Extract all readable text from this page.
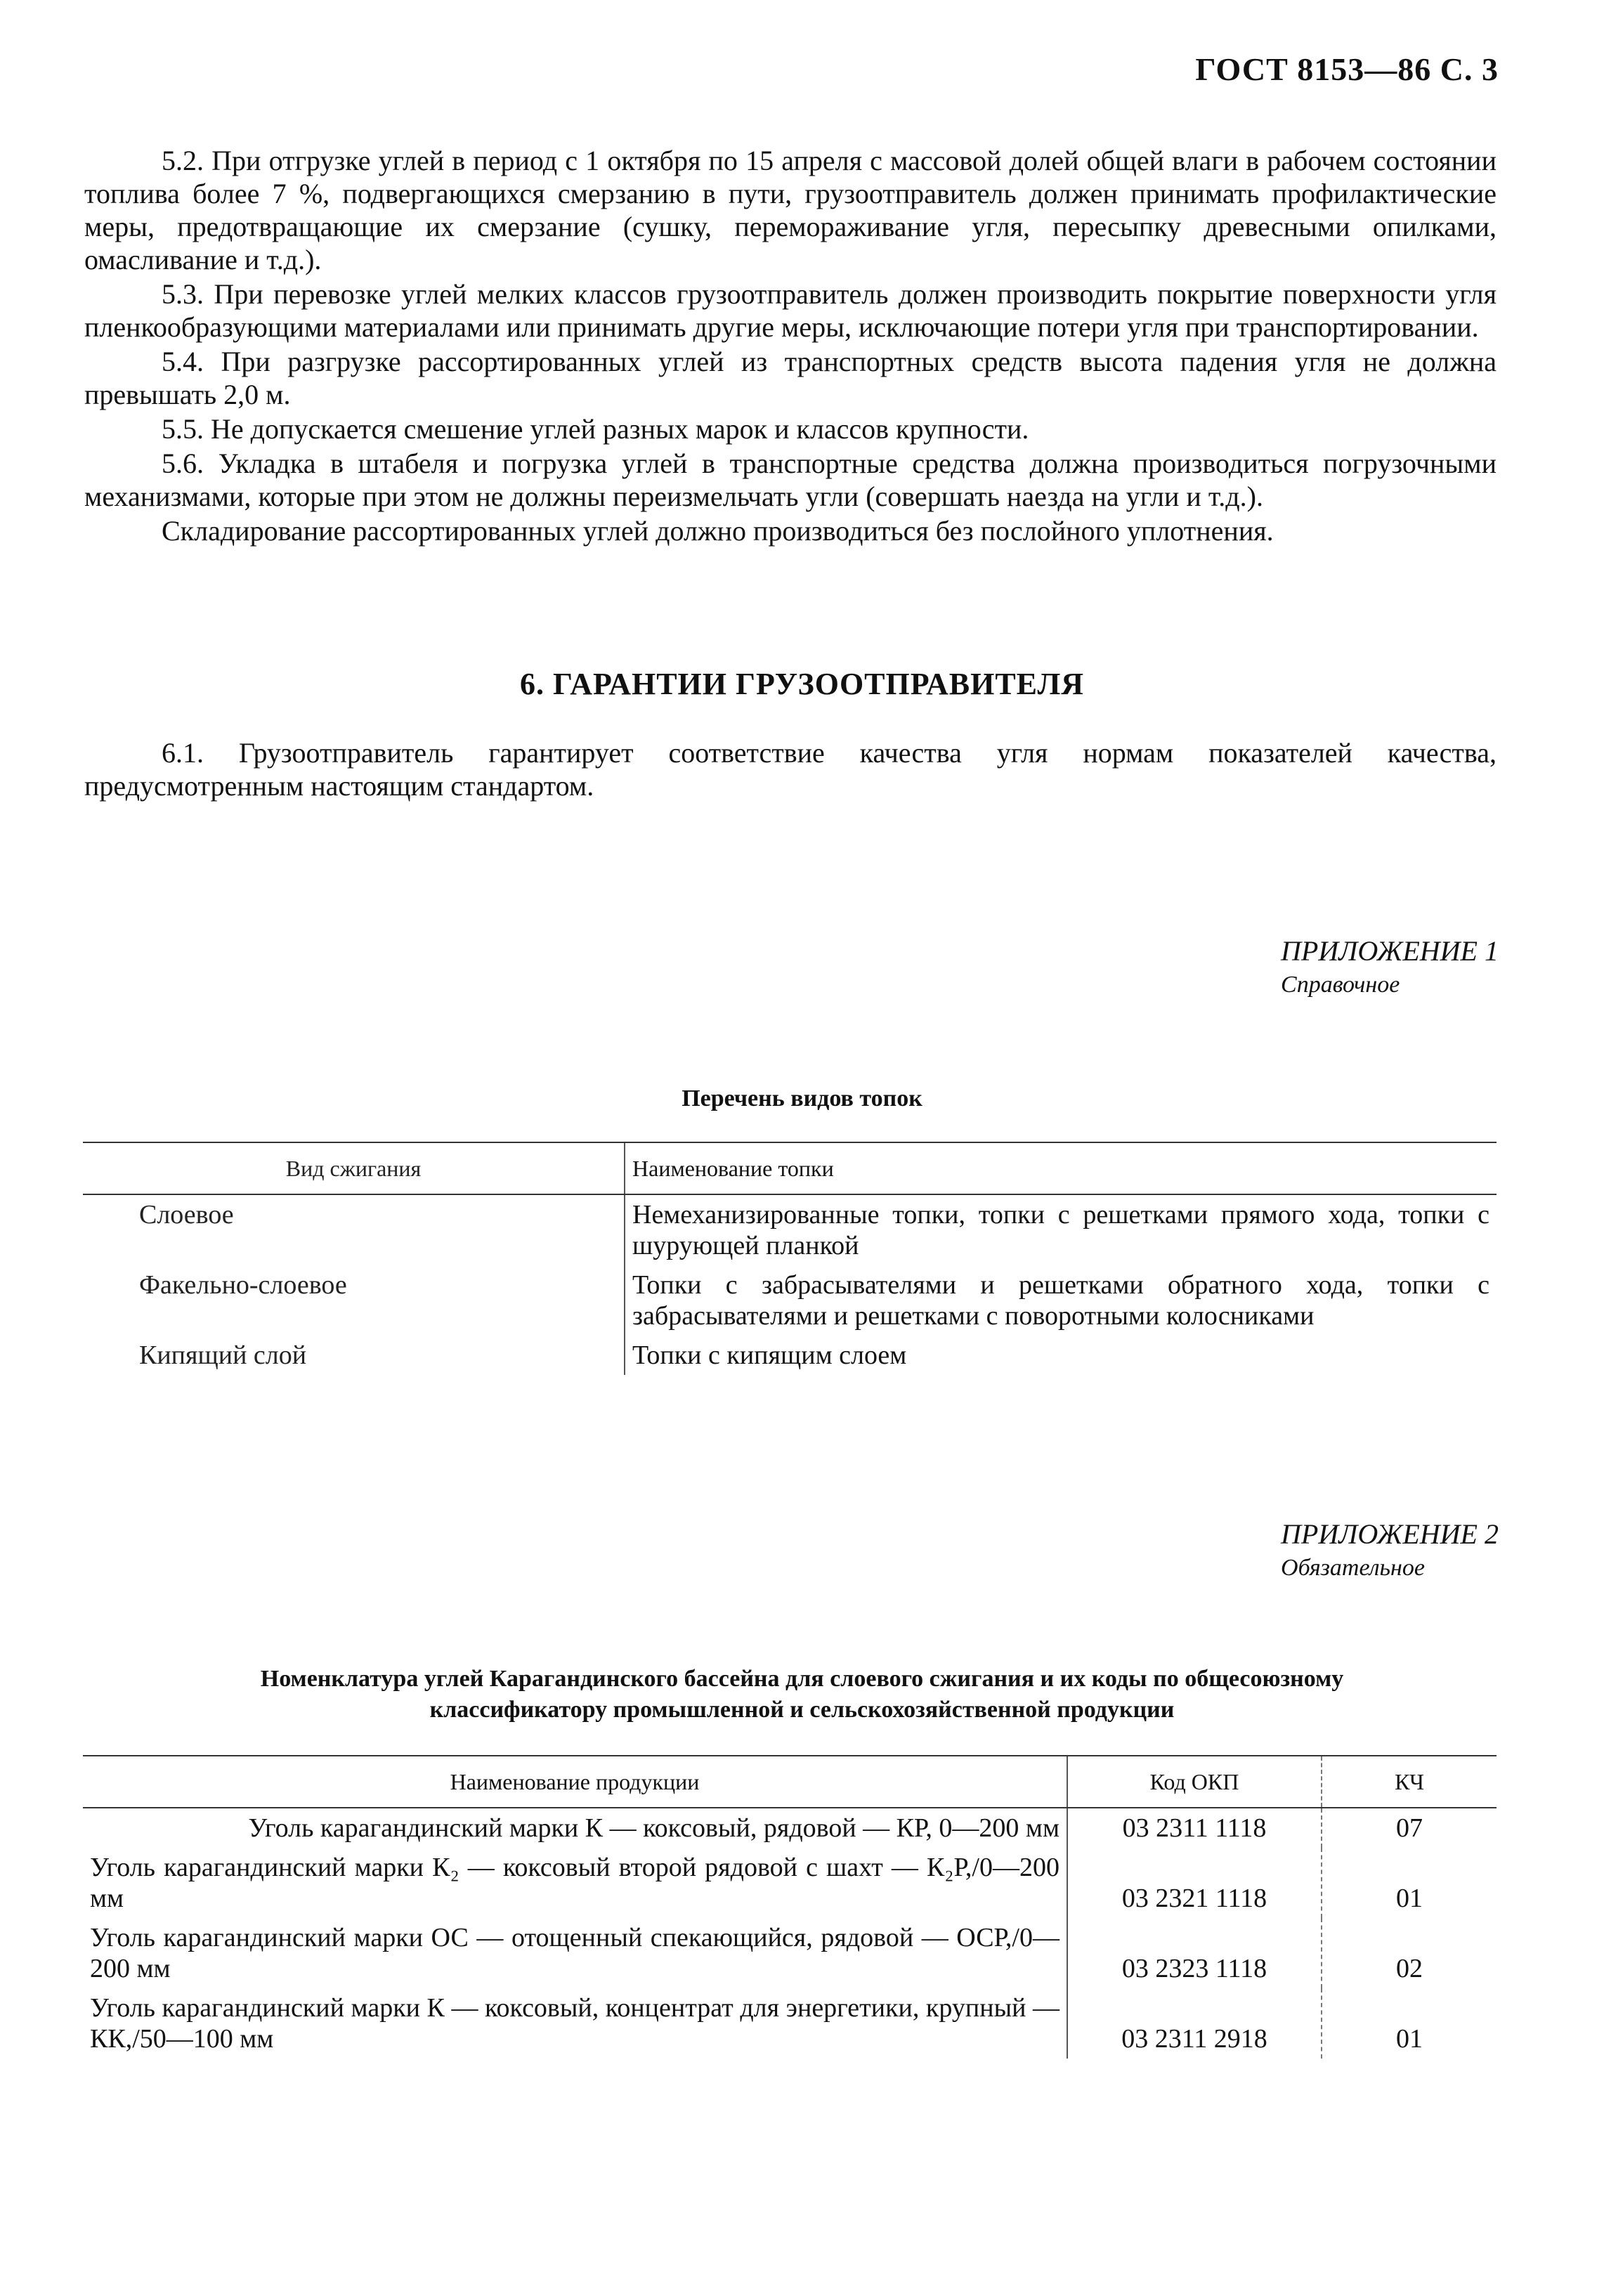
ГОСТ 8153—86 С. 3

5.2. При отгрузке углей в период с 1 октября по 15 апреля с массовой долей общей влаги в рабочем состоянии топлива более 7 %, подвергающихся смерзанию в пути, грузоотправитель должен принимать профилактические меры, предотвращающие их смерзание (сушку, перемораживание угля, пересыпку древесными опилками, омасливание и т.д.).

5.3. При перевозке углей мелких классов грузоотправитель должен производить покрытие поверхности угля пленкообразующими материалами или принимать другие меры, исключающие потери угля при транспортировании.

5.4. При разгрузке рассортированных углей из транспортных средств высота падения угля не должна превышать 2,0 м.

5.5. Не допускается смешение углей разных марок и классов крупности.

5.6. Укладка в штабеля и погрузка углей в транспортные средства должна производиться погрузочными механизмами, которые при этом не должны переизмельчать угли (совершать наезда на угли и т.д.).

Складирование рассортированных углей должно производиться без послойного уплотнения.

6. ГАРАНТИИ ГРУЗООТПРАВИТЕЛЯ

6.1. Грузоотправитель гарантирует соответствие качества угля нормам показателей качества, предусмотренным настоящим стандартом.

ПРИЛОЖЕНИЕ 1
Справочное
Перечень видов топок
Вид сжигания	Наименование топки
Слоевое	Немеханизированные топки, топки с решетками прямого хода, топки с шурующей планкой
Факельно-слоевое	Топки с забрасывателями и решетками обратного хода, топки с забрасывателями и решетками с поворотными колосниками
Кипящий слой	Топки с кипящим слоем
ПРИЛОЖЕНИЕ 2
Обязательное
Номенклатура углей Карагандинского бассейна для слоевого сжигания и их коды по общесоюзному
классификатору промышленной и сельскохозяйственной продукции
Наименование продукции	Код ОКП	КЧ
Уголь карагандинский марки К — коксовый, рядовой — КР, 0—200 мм	03 2311 1118	07
Уголь карагандинский марки К₂ — коксовый второй рядовой с шахт — К₂Р,/0—200 мм	03 2321 1118	01
Уголь карагандинский марки ОС — отощенный спекающийся, рядовой — ОСР,/0—200 мм	03 2323 1118	02
Уголь карагандинский марки К — коксовый, концентрат для энергетики, крупный — КК,/50—100 мм	03 2311 2918	01
